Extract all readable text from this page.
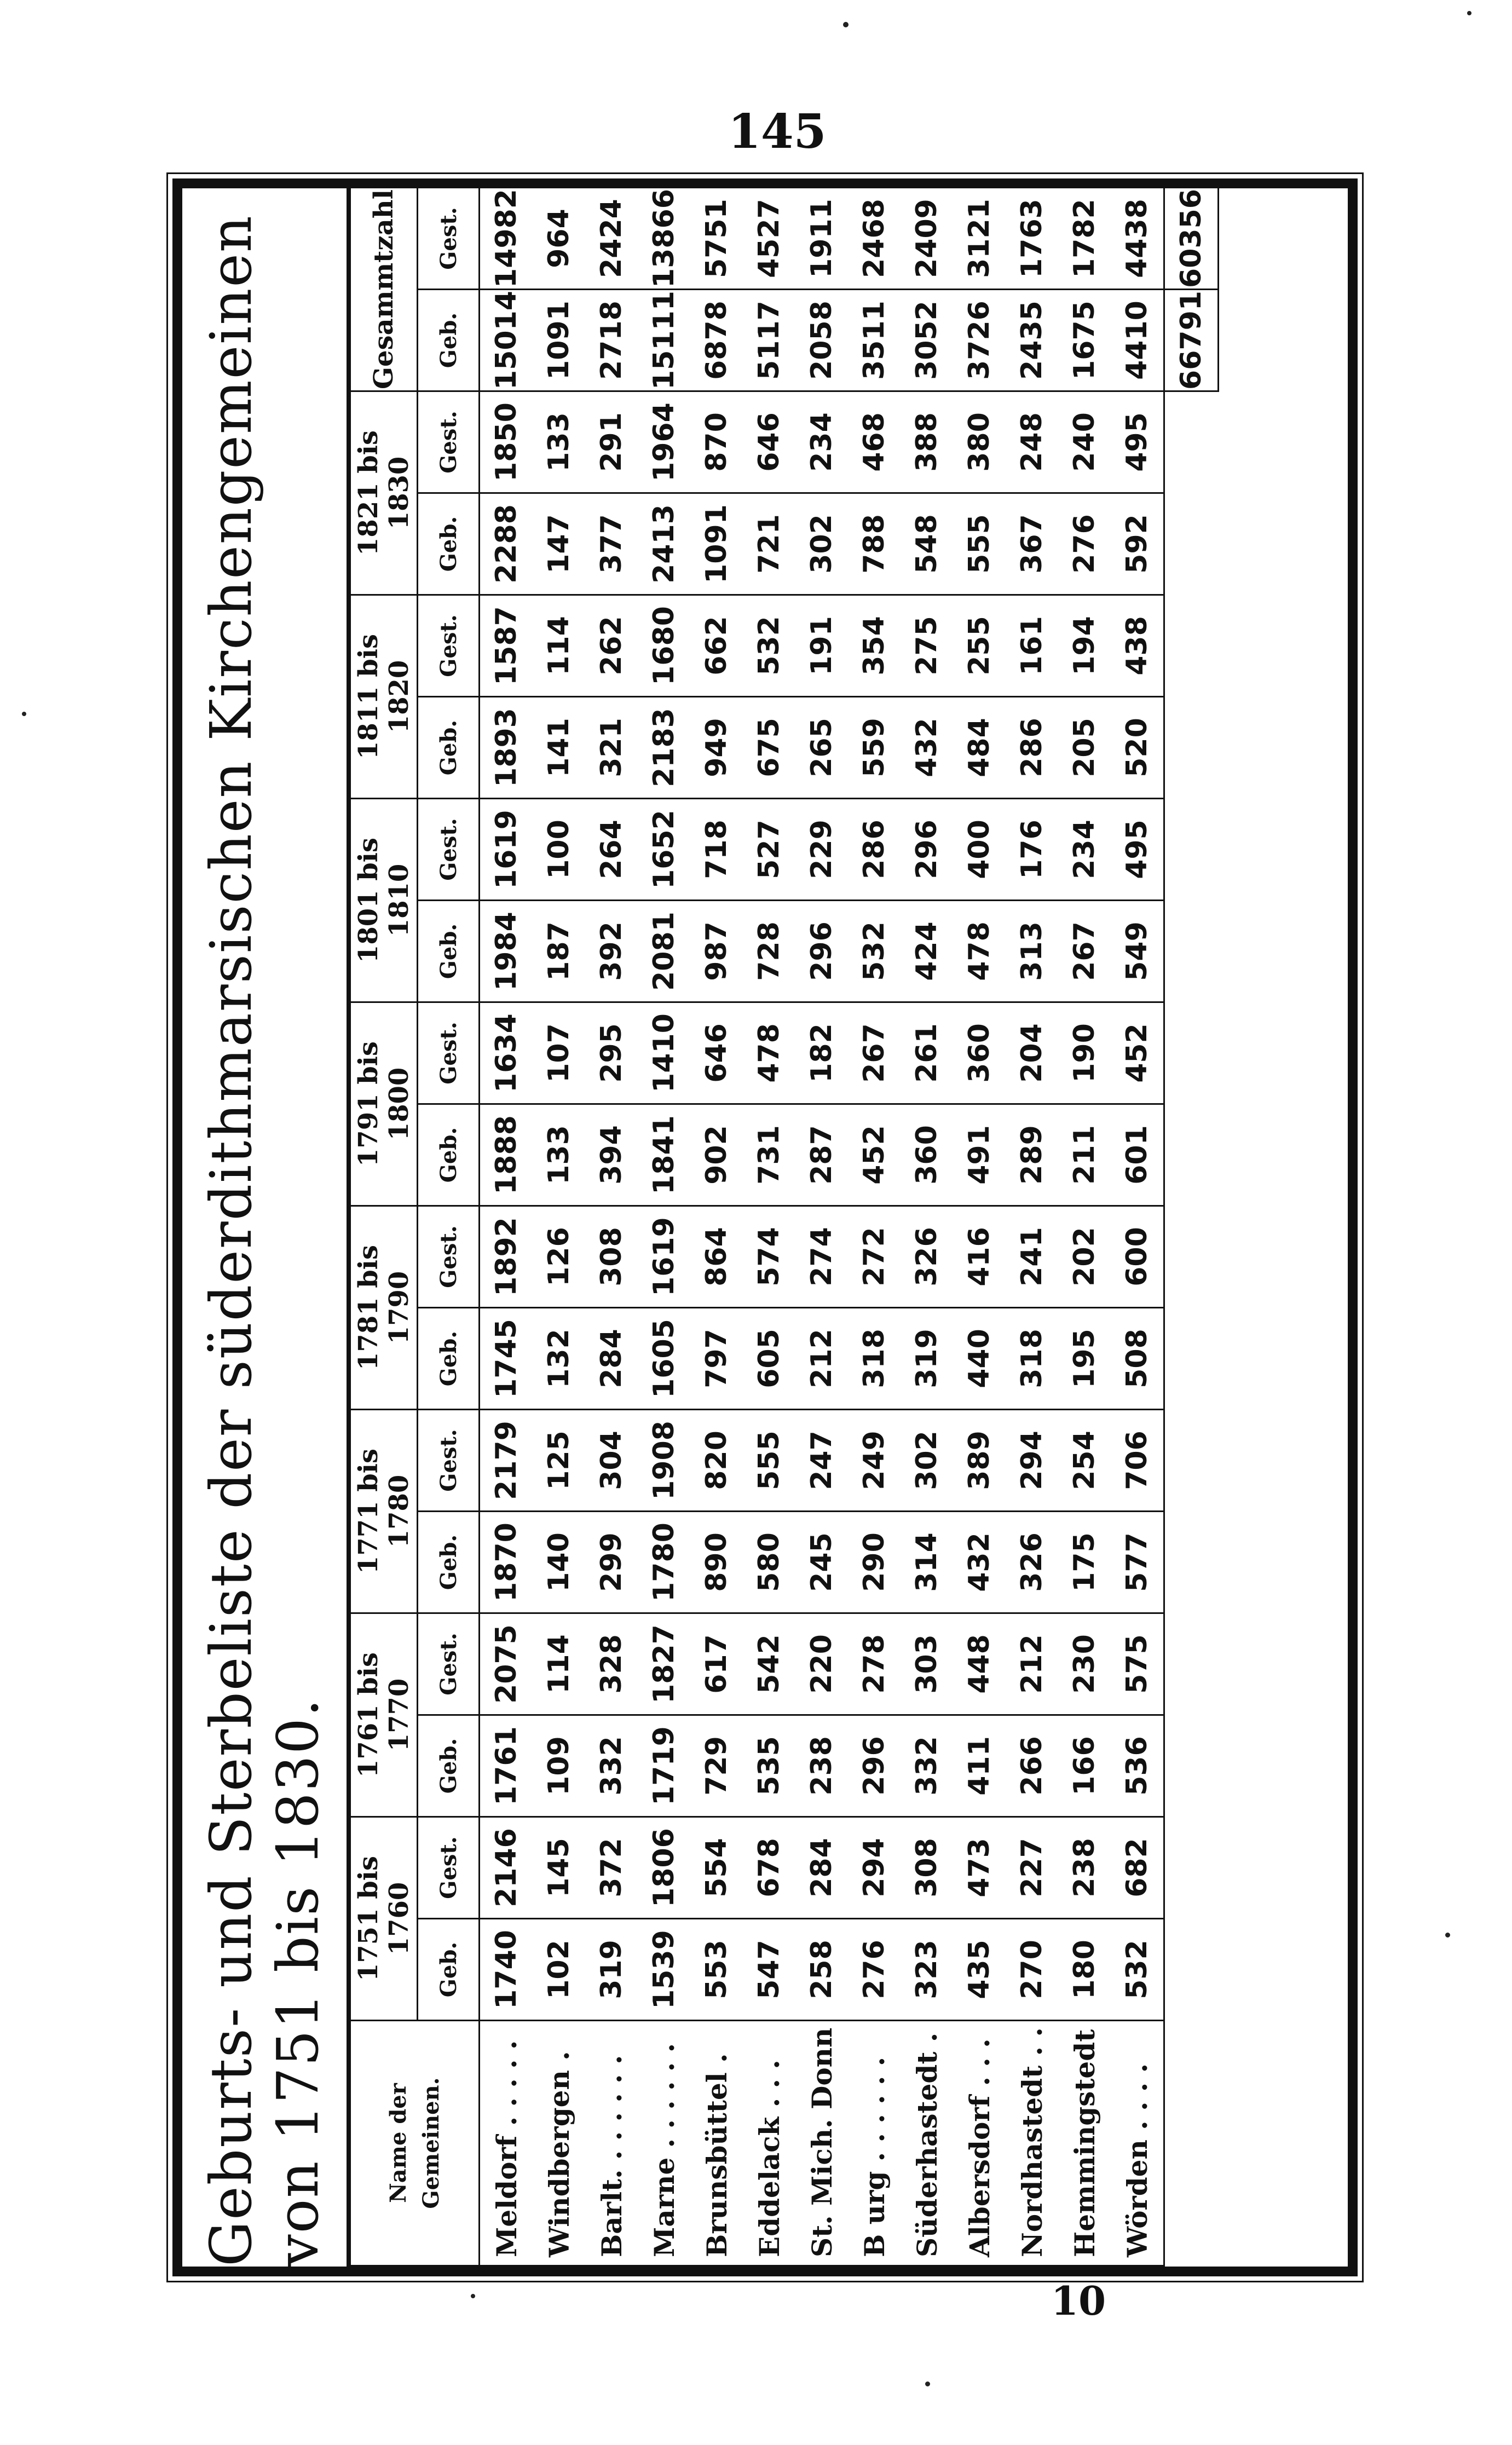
145
Geburts- und Sterbeliste der süderdithmarsischen Kirchengemeinen von 1751 bis 1830.	Name der Gemeinen.	1751 bis 1760		1761 bis 1770		1771 bis 1780		1781 bis 1790		1791 bis 1800		1801 bis 1810		1811 bis 1820		1821 bis 1830		Gesammtzahl	
	Geb.	Gest.	Geb.	Gest.	Geb.	Gest.	Geb.	Gest.	Geb.	Gest.	Geb.	Gest.	Geb.	Gest.	Geb.	Gest.	Geb.	Gest.
Meldorf . . . . .	1740	2146	1761	2075	1870	2179	1745	1892	1888	1634	1984	1619	1893	1587	2288	1850	15014	14982
Windbergen .	102	145	109	114	140	125	132	126	133	107	187	100	141	114	147	133	1091	964
Barlt. . . . . . .	319	372	332	328	299	304	284	308	394	295	392	264	321	262	377	291	2718	2424
Marne . . . . . .	1539	1806	1719	1827	1780	1908	1605	1619	1841	1410	2081	1652	2183	1680	2413	1964	15111	13866
Brunsbüttel .	553	554	729	617	890	820	797	864	902	646	987	718	949	662	1091	870	6878	5751
Eddelack . . .	547	678	535	542	580	555	605	574	731	478	728	527	675	532	721	646	5117	4527
St. Mich. Donn	258	284	238	220	245	247	212	274	287	182	296	229	265	191	302	234	2058	1911
B urg . . . . . .	276	294	296	278	290	249	318	272	452	267	532	286	559	354	788	468	3511	2468
Süderhastedt .	323	308	332	303	314	302	319	326	360	261	424	296	432	275	548	388	3052	2409
Albersdorf . . .	435	473	411	448	432	389	440	416	491	360	478	400	484	255	555	380	3726	3121
Nordhastedt . .	270	227	266	212	326	294	318	241	289	204	313	176	286	161	367	248	2435	1763
Hemmingstedt	180	238	166	230	175	254	195	202	211	190	267	234	205	194	276	240	1675	1782
Wörden . . . .	532	682	536	575	577	706	508	600	601	452	549	495	520	438	592	495	4410	4438
																	66791	60356
10
